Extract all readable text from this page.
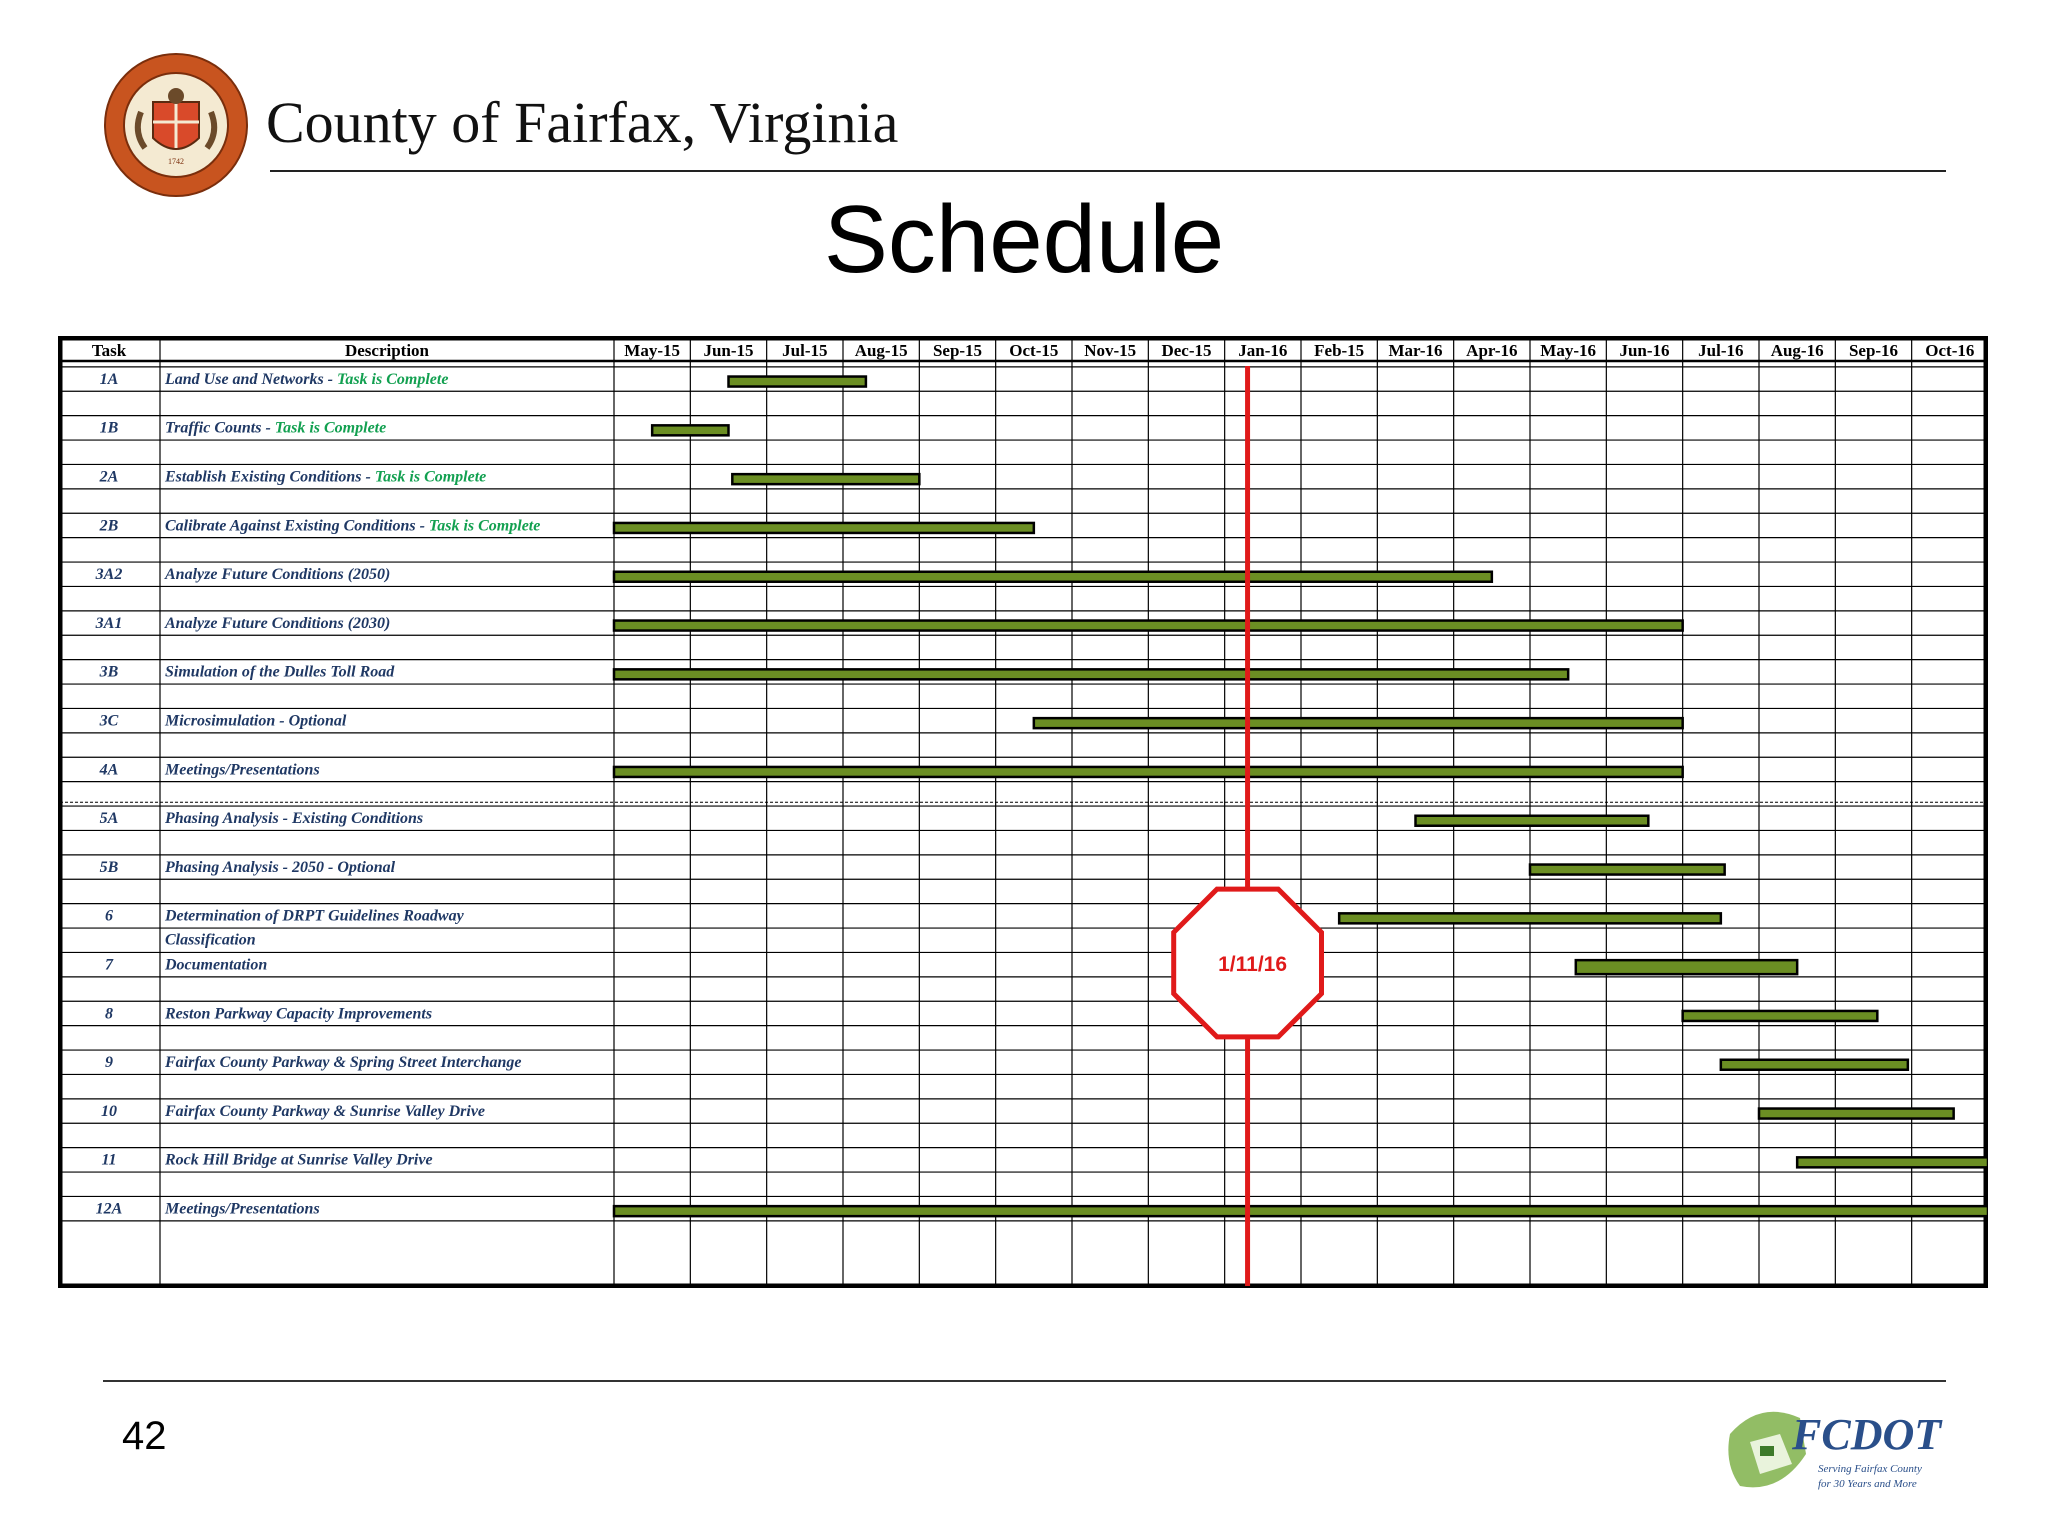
1742
County of Fairfax, Virginia
Schedule
Task	Description	May-15 Jun-15 Jul-15 Aug-15 Sep-15 Oct-15 Nov-15 Dec-15 Jan-16 Feb-15 Mar-16 Apr-16 May-16 Jun-16 Jul-16 Aug-16 Sep-16 Oct-16
1A	Land Use and Networks - Task is Complete
1B	Traffic Counts - Task is Complete
2A	Establish Existing Conditions - Task is Complete
2B	Calibrate Against Existing Conditions - Task is Complete
3A2	Analyze Future Conditions (2050)
3A1	Analyze Future Conditions (2030)
3B	Simulation of the Dulles Toll Road
3C	Microsimulation - Optional
4A	Meetings/Presentations
5A	Phasing Analysis - Existing Conditions
5B	Phasing Analysis - 2050 - Optional
6	Determination of DRPT Guidelines Roadway
Classification
7	Documentation
8	Reston Parkway Capacity Improvements
9	Fairfax County Parkway & Spring Street Interchange
10	Fairfax County Parkway & Sunrise Valley Drive
11	Rock Hill Bridge at Sunrise Valley Drive
12A	Meetings/Presentations
1/11/16
42	FCDOT
Serving Fairfax County
for 30 Years and More
